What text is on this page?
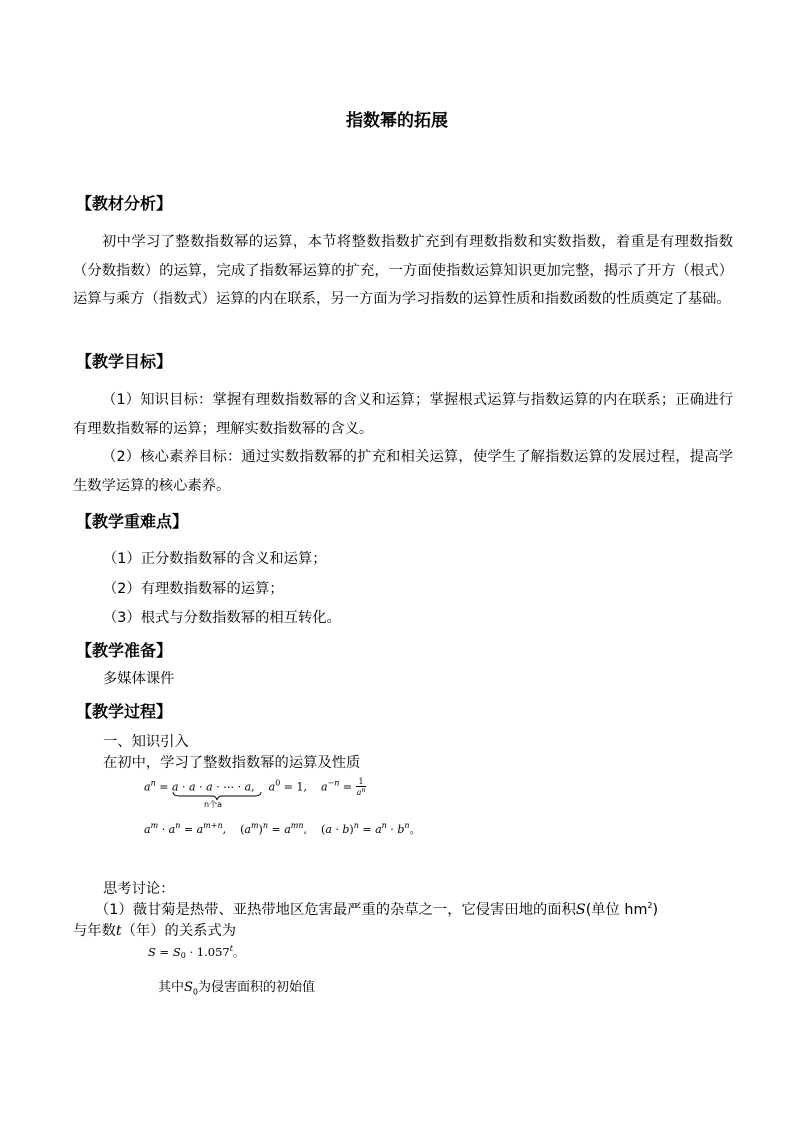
指数幂的拓展
【教材分析】
初中学习了整数指数幂的运算，本节将整数指数扩充到有理数指数和实数指数，着重是有理数指数（分数指数）的运算，完成了指数幂运算的扩充，一方面使指数运算知识更加完整，揭示了开方（根式）运算与乘方（指数式）运算的内在联系，另一方面为学习指数的运算性质和指数函数的性质奠定了基础。
【教学目标】
（1）知识目标：掌握有理数指数幂的含义和运算；掌握根式运算与指数运算的内在联系；正确进行有理数指数幂的运算；理解实数指数幂的含义。
（2）核心素养目标：通过实数指数幂的扩充和相关运算，使学生了解指数运算的发展过程，提高学生数学运算的核心素养。
【教学重难点】
（1）正分数指数幂的含义和运算；
（2）有理数指数幂的运算；
（3）根式与分数指数幂的相互转化。
【教学准备】
多媒体课件
【教学过程】
一、知识引入
在初中，学习了整数指数幂的运算及性质
$a^n = a \cdot a \cdot a$ · ⋯ · a,    $a^0 = 1$,    $a^{-n} = \frac{1}{a^n}$
n个a
$a^m \cdot a^n = a^{m+n}$,    $(a^m)^n = a^{mn}$,    $(a \cdot b)^n = a^n \cdot b^n$。
思考讨论：
（1）薇甘菊是热带、亚热带地区危害最严重的杂草之一，它侵害田地的面积S(单位 $hm^2$)
与年数t（年）的关系式为
$S = S_0 \cdot 1.057^t$。
其中$S_0$为侵害面积的初始值
